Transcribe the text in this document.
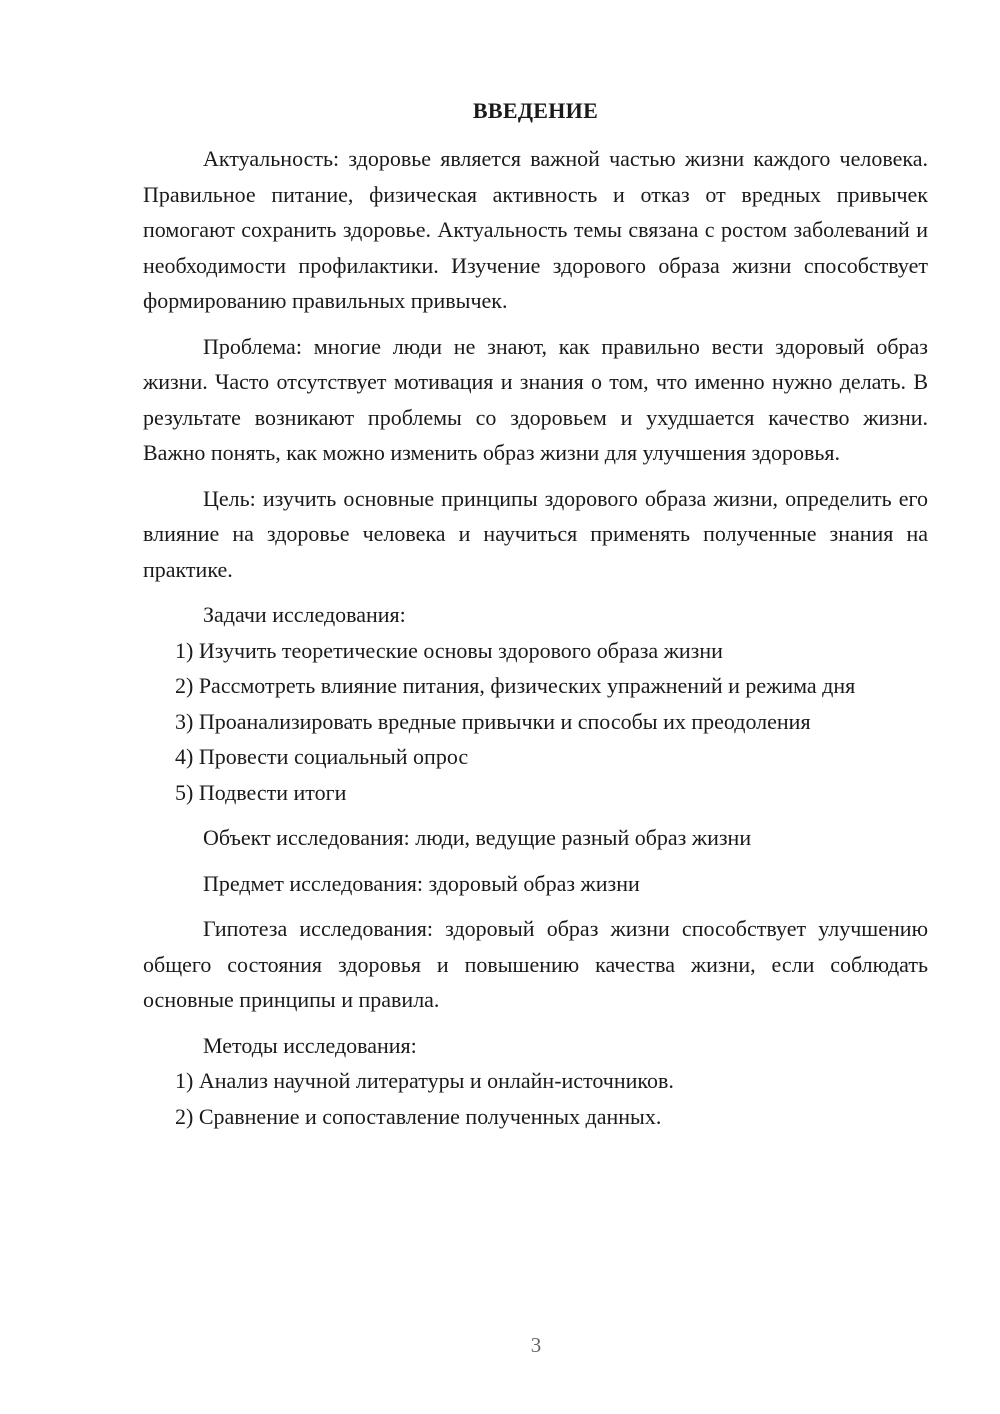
ВВЕДЕНИЕ

Актуальность: здоровье является важной частью жизни каждого человека. Правильное питание, физическая активность и отказ от вредных привычек помогают сохранить здоровье. Актуальность темы связана с ростом заболеваний и необходимости профилактики. Изучение здорового образа жизни способствует формированию правильных привычек.

Проблема: многие люди не знают, как правильно вести здоровый образ жизни. Часто отсутствует мотивация и знания о том, что именно нужно делать. В результате возникают проблемы со здоровьем и ухудшается качество жизни. Важно понять, как можно изменить образ жизни для улучшения здоровья.

Цель: изучить основные принципы здорового образа жизни, определить его влияние на здоровье человека и научиться применять полученные знания на практике.

Задачи исследования:

1) Изучить теоретические основы здорового образа жизни

2) Рассмотреть влияние питания, физических упражнений и режима дня

3) Проанализировать вредные привычки и способы их преодоления

4) Провести социальный опрос

5) Подвести итоги

Объект исследования: люди, ведущие разный образ жизни

Предмет исследования: здоровый образ жизни

Гипотеза исследования: здоровый образ жизни способствует улучшению общего состояния здоровья и повышению качества жизни, если соблюдать основные принципы и правила.

Методы исследования:

1) Анализ научной литературы и онлайн-источников.

2) Сравнение и сопоставление полученных данных.

3
